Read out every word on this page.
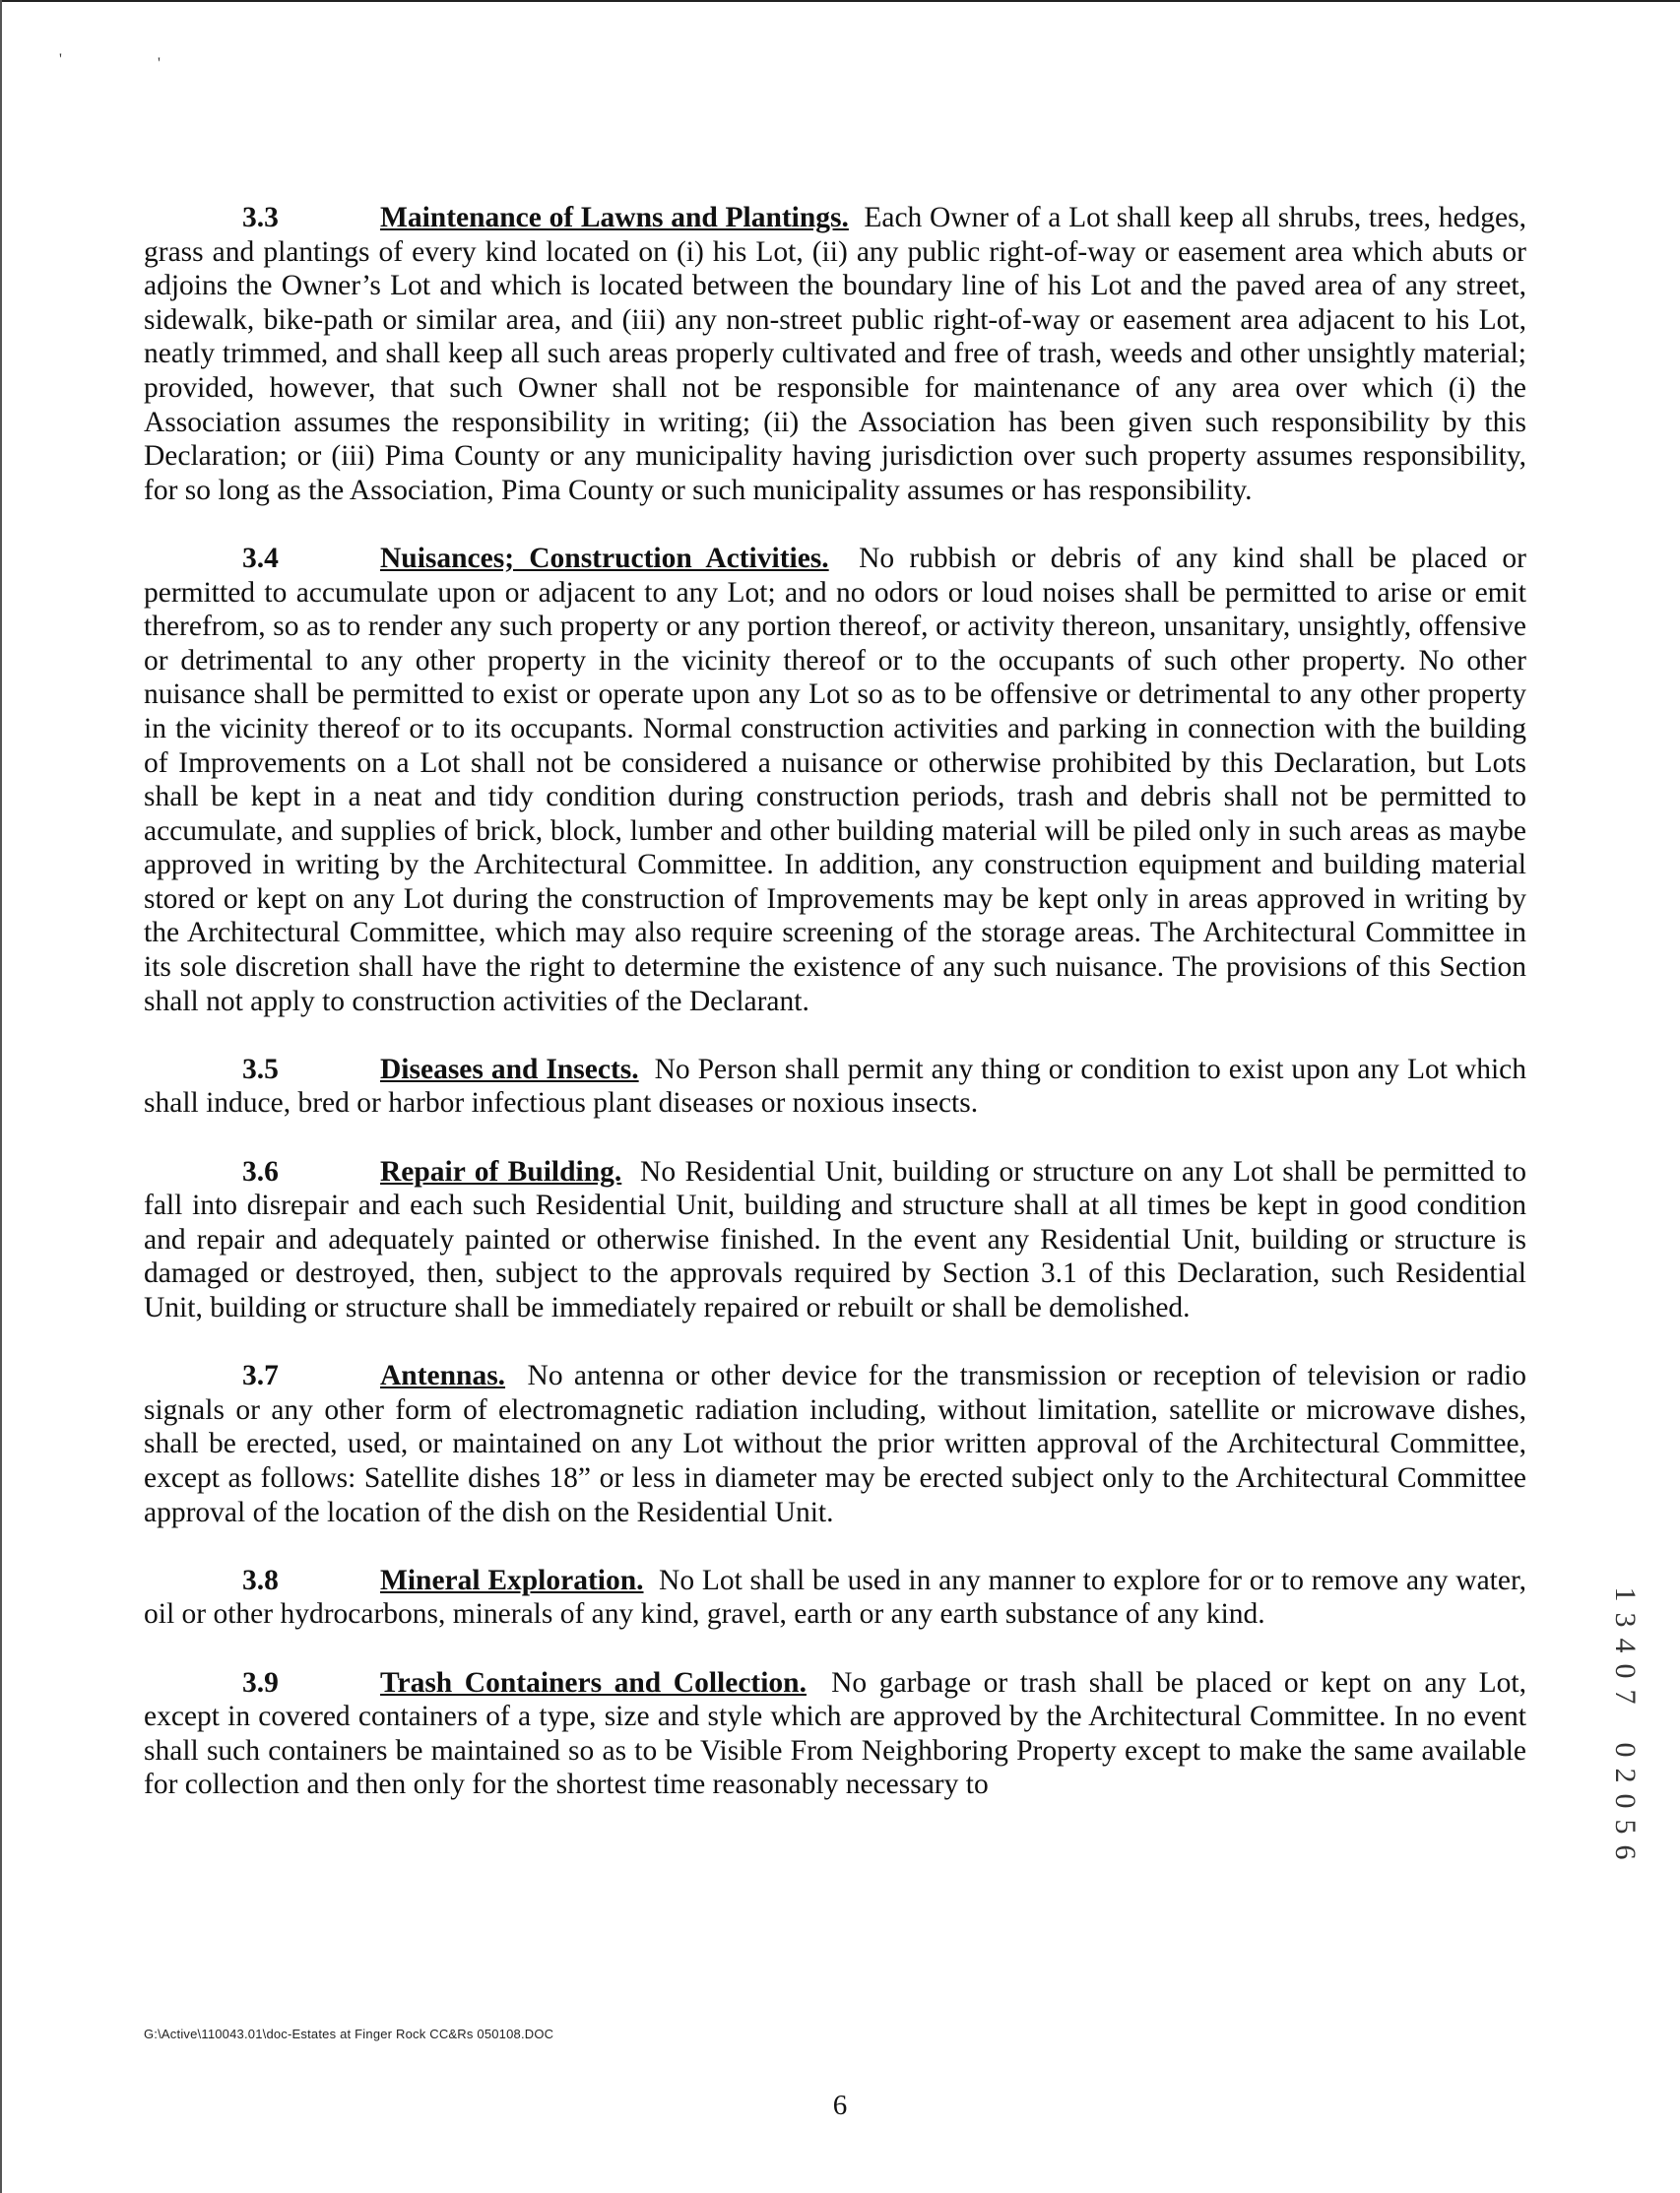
'	'

3.3	Maintenance of Lawns and Plantings. Each Owner of a Lot shall keep all shrubs, trees, hedges, grass and plantings of every kind located on (i) his Lot, (ii) any public right-of-way or easement area which abuts or adjoins the Owner’s Lot and which is located between the boundary line of his Lot and the paved area of any street, sidewalk, bike-path or similar area, and (iii) any non-street public right-of-way or easement area adjacent to his Lot, neatly trimmed, and shall keep all such areas properly cultivated and free of trash, weeds and other unsightly material; provided, however, that such Owner shall not be responsible for maintenance of any area over which (i) the Association assumes the responsibility in writing; (ii) the Association has been given such responsibility by this Declaration; or (iii) Pima County or any municipality having jurisdiction over such property assumes responsibility, for so long as the Association, Pima County or such municipality assumes or has responsibility.

3.4	Nuisances; Construction Activities. No rubbish or debris of any kind shall be placed or permitted to accumulate upon or adjacent to any Lot; and no odors or loud noises shall be permitted to arise or emit therefrom, so as to render any such property or any portion thereof, or activity thereon, unsanitary, unsightly, offensive or detrimental to any other property in the vicinity thereof or to the occupants of such other property. No other nuisance shall be permitted to exist or operate upon any Lot so as to be offensive or detrimental to any other property in the vicinity thereof or to its occupants. Normal construction activities and parking in connection with the building of Improvements on a Lot shall not be considered a nuisance or otherwise prohibited by this Declaration, but Lots shall be kept in a neat and tidy condition during construction periods, trash and debris shall not be permitted to accumulate, and supplies of brick, block, lumber and other building material will be piled only in such areas as maybe approved in writing by the Architectural Committee. In addition, any construction equipment and building material stored or kept on any Lot during the construction of Improvements may be kept only in areas approved in writing by the Architectural Committee, which may also require screening of the storage areas. The Architectural Committee in its sole discretion shall have the right to determine the existence of any such nuisance. The provisions of this Section shall not apply to construction activities of the Declarant.

3.5	Diseases and Insects. No Person shall permit any thing or condition to exist upon any Lot which shall induce, bred or harbor infectious plant diseases or noxious insects.

3.6	Repair of Building. No Residential Unit, building or structure on any Lot shall be permitted to fall into disrepair and each such Residential Unit, building and structure shall at all times be kept in good condition and repair and adequately painted or otherwise finished. In the event any Residential Unit, building or structure is damaged or destroyed, then, subject to the approvals required by Section 3.1 of this Declaration, such Residential Unit, building or structure shall be immediately repaired or rebuilt or shall be demolished.

3.7	Antennas. No antenna or other device for the transmission or reception of television or radio signals or any other form of electromagnetic radiation including, without limitation, satellite or microwave dishes, shall be erected, used, or maintained on any Lot without the prior written approval of the Architectural Committee, except as follows: Satellite dishes 18” or less in diameter may be erected subject only to the Architectural Committee approval of the location of the dish on the Residential Unit.

3.8	Mineral Exploration. No Lot shall be used in any manner to explore for or to remove any water, oil or other hydrocarbons, minerals of any kind, gravel, earth or any earth substance of any kind.

3.9	Trash Containers and Collection. No garbage or trash shall be placed or kept on any Lot, except in covered containers of a type, size and style which are approved by the Architectural Committee. In no event shall such containers be maintained so as to be Visible From Neighboring Property except to make the same available for collection and then only for the shortest time reasonably necessary to

1
3
4
0
7
0
2
0
5
6
G:\Active\110043.01\doc-Estates at Finger Rock CC&Rs 050108.DOC
6
